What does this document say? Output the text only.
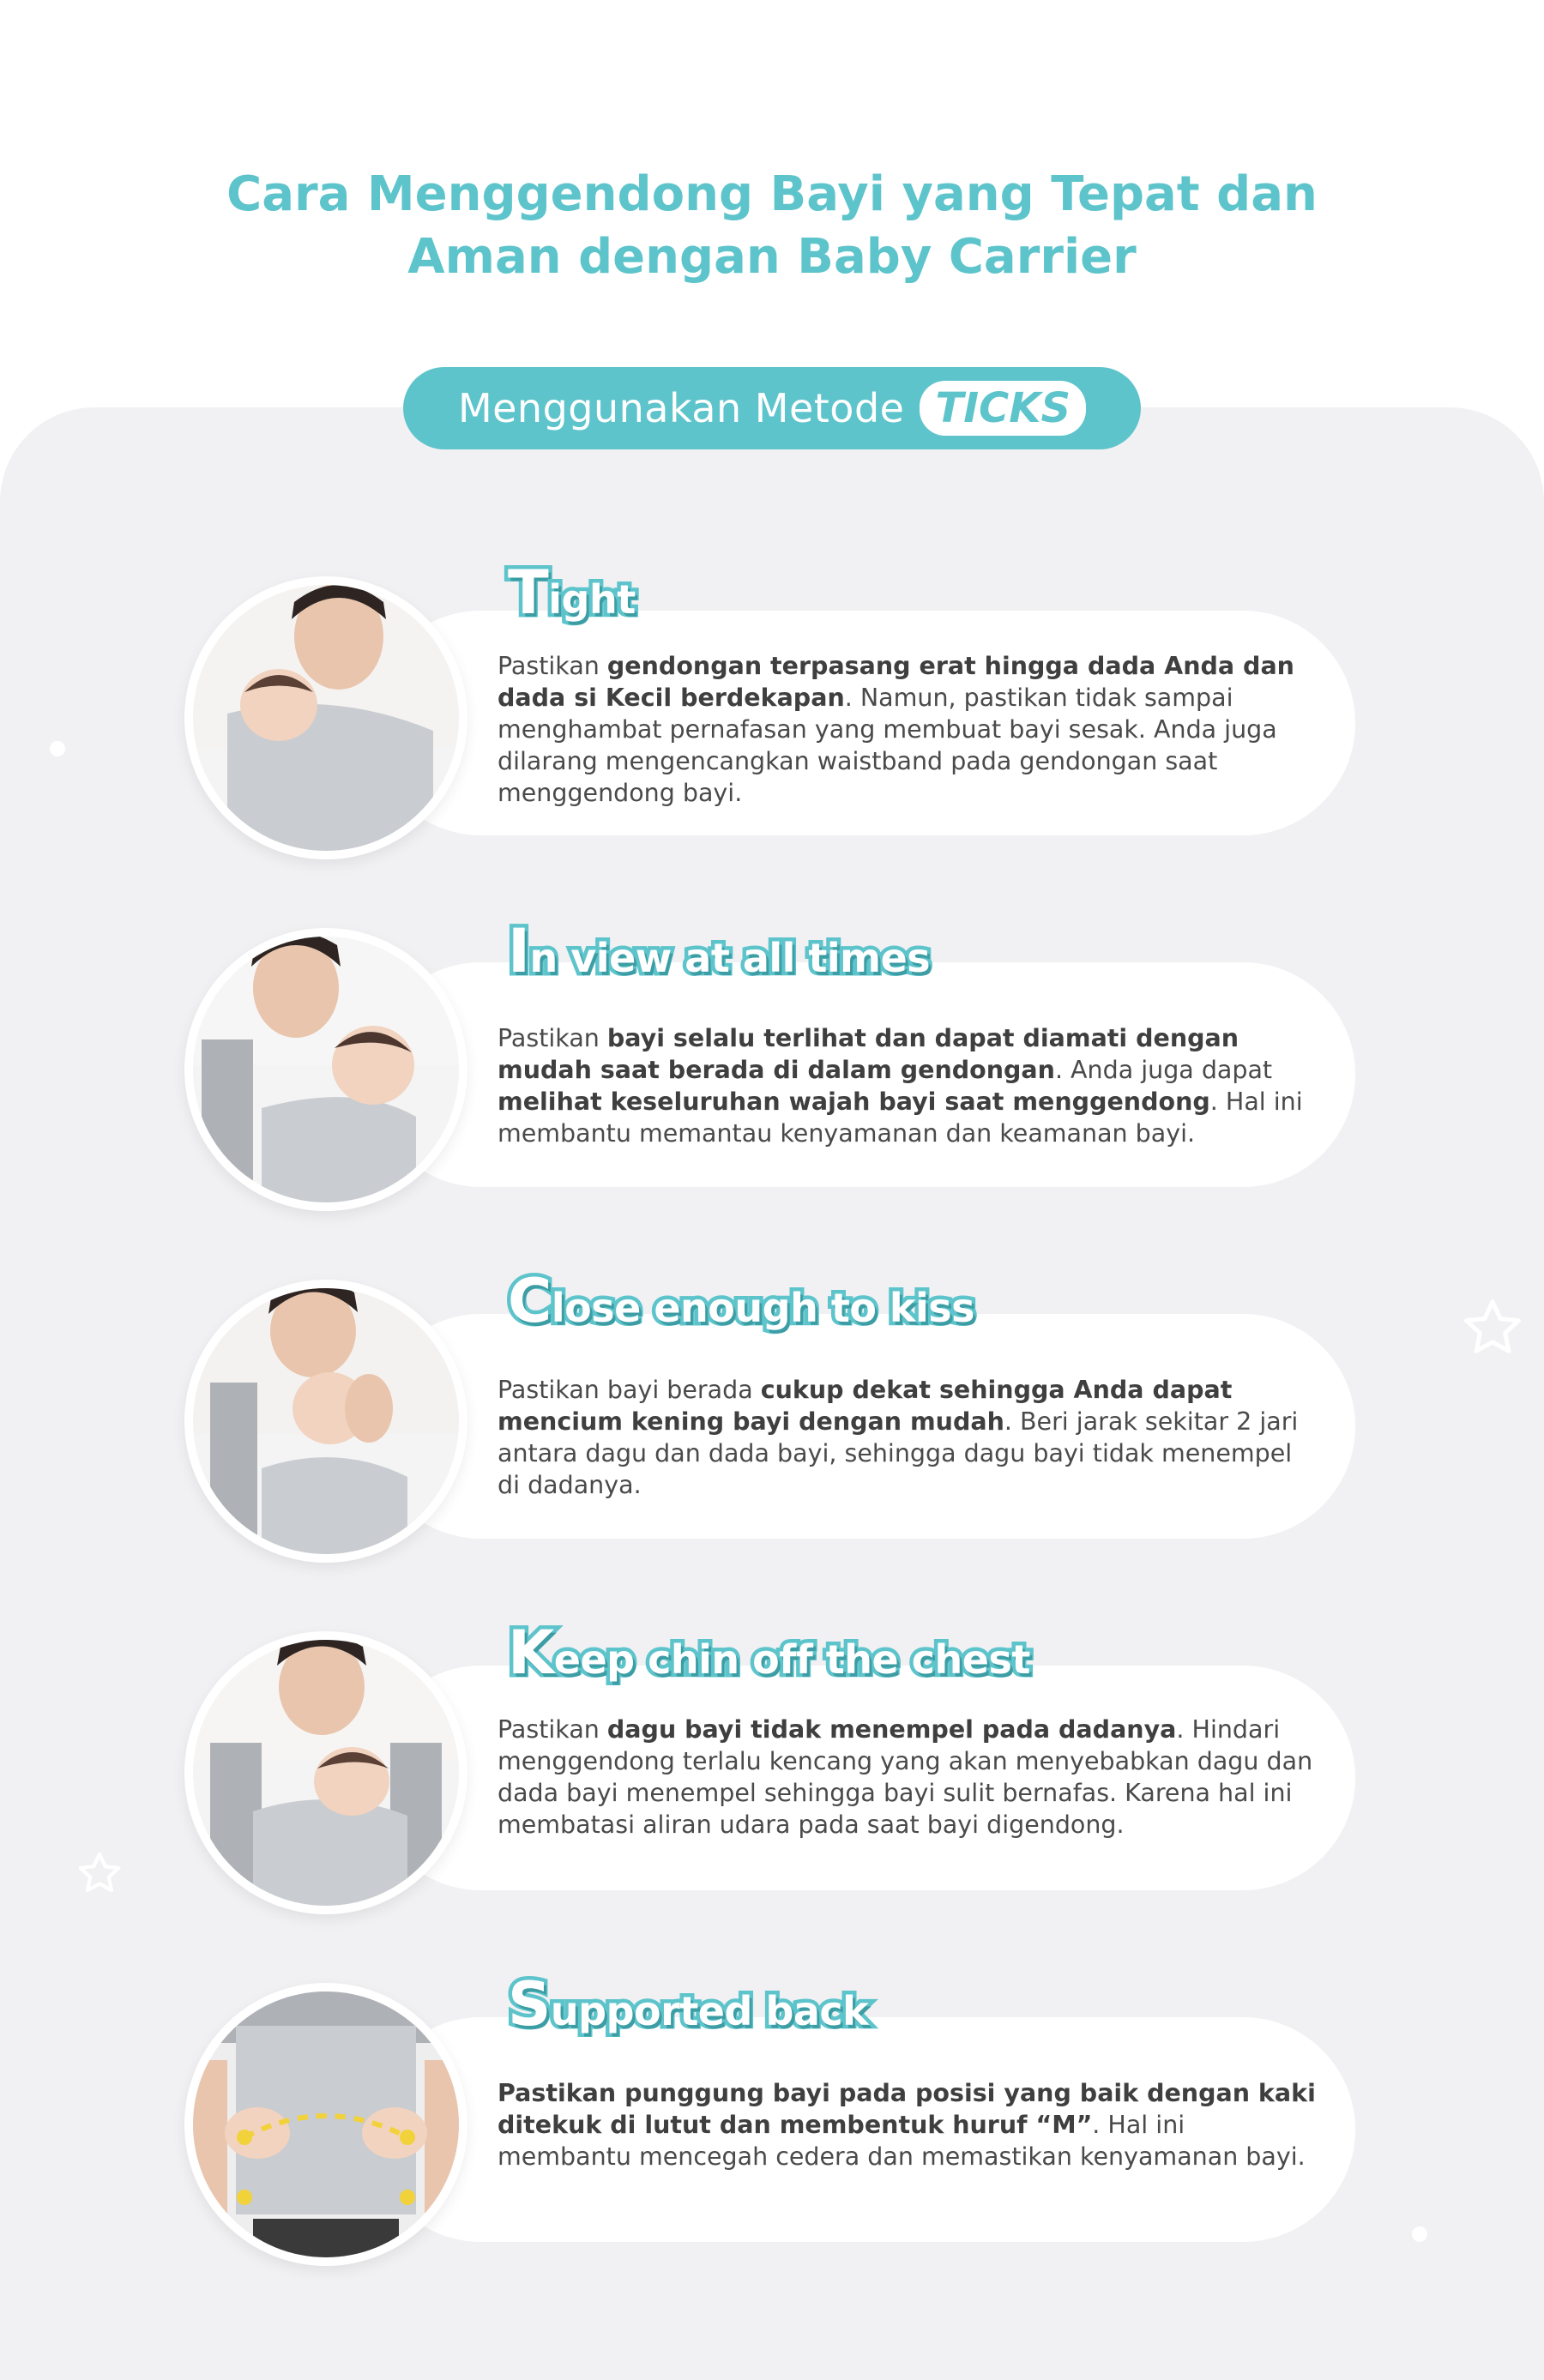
Cara Menggendong Bayi yang Tepat dan
Aman dengan Baby Carrier
Menggunakan Metode TICKS
Tight
Pastikan gendongan terpasang erat hingga dada Anda dan dada si Kecil berdekapan. Namun, pastikan tidak sampai menghambat pernafasan yang membuat bayi sesak. Anda juga dilarang mengencangkan waistband pada gendongan saat menggendong bayi.
In view at all times
Pastikan bayi selalu terlihat dan dapat diamati dengan mudah saat berada di dalam gendongan. Anda juga dapat melihat keseluruhan wajah bayi saat menggendong. Hal ini membantu memantau kenyamanan dan keamanan bayi.
Close enough to kiss
Pastikan bayi berada cukup dekat sehingga Anda dapat mencium kening bayi dengan mudah. Beri jarak sekitar 2 jari antara dagu dan dada bayi, sehingga dagu bayi tidak menempel di dadanya.
Keep chin off the chest
Pastikan dagu bayi tidak menempel pada dadanya. Hindari menggendong terlalu kencang yang akan menyebabkan dagu dan dada bayi menempel sehingga bayi sulit bernafas. Karena hal ini membatasi aliran udara pada saat bayi digendong.
Supported back
Pastikan punggung bayi pada posisi yang baik dengan kaki ditekuk di lutut dan membentuk huruf “M”. Hal ini membantu mencegah cedera dan memastikan kenyamanan bayi.
